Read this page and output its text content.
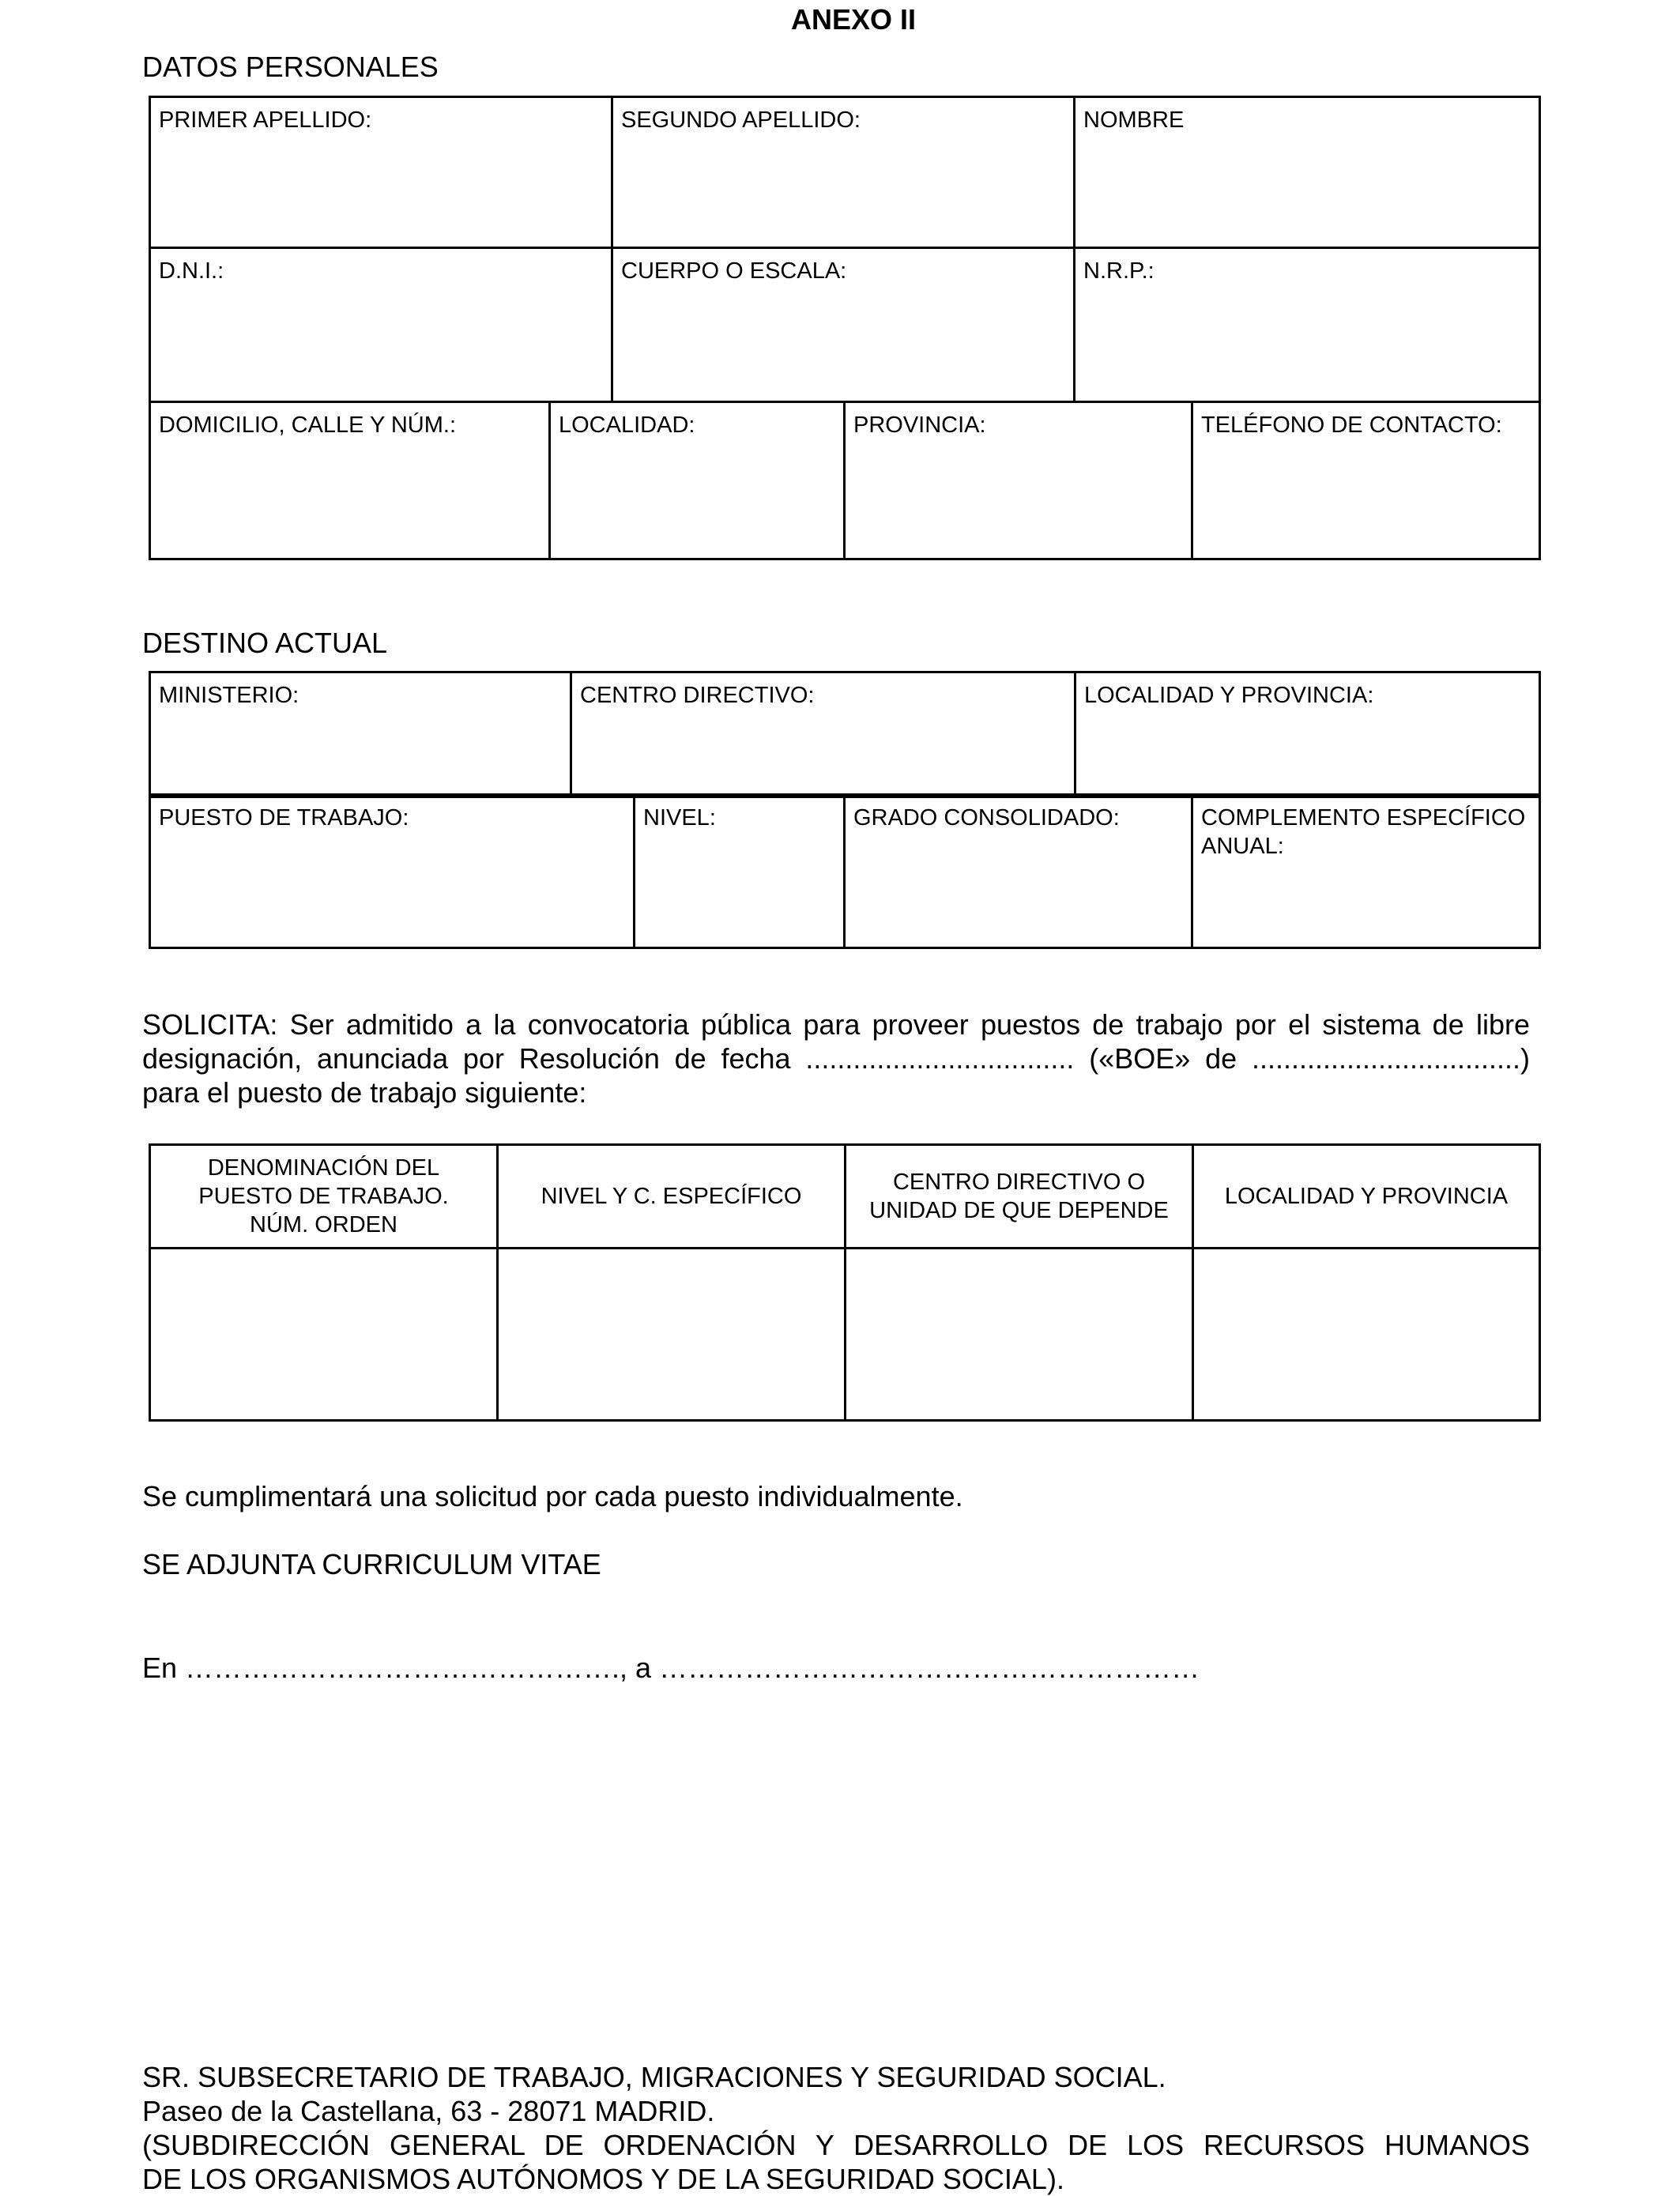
ANEXO II
DATOS PERSONALES
PRIMER APELLIDO:	SEGUNDO APELLIDO:	NOMBRE
D.N.I.:	CUERPO O ESCALA:	N.R.P.:
DOMICILIO, CALLE Y NÚM.:	LOCALIDAD:	PROVINCIA:	TELÉFONO DE CONTACTO:
DESTINO ACTUAL
MINISTERIO:	CENTRO DIRECTIVO:	LOCALIDAD Y PROVINCIA:
PUESTO DE TRABAJO:	NIVEL:	GRADO CONSOLIDADO:	COMPLEMENTO ESPECÍFICO ANUAL:
SOLICITA: Ser admitido a la convocatoria pública para proveer puestos de trabajo por el sistema de libre
designación, anunciada por Resolución de fecha .................................. («BOE» de ..................................)
para el puesto de trabajo siguiente:
DENOMINACIÓN DEL PUESTO DE TRABAJO. NÚM. ORDEN	NIVEL Y C. ESPECÍFICO	CENTRO DIRECTIVO O UNIDAD DE QUE DEPENDE	LOCALIDAD Y PROVINCIA

Se cumplimentará una solicitud por cada puesto individualmente.
SE ADJUNTA CURRICULUM VITAE
En ………………………………………., a …………………………………………………
SR. SUBSECRETARIO DE TRABAJO, MIGRACIONES Y SEGURIDAD SOCIAL.
Paseo de la Castellana, 63 - 28071 MADRID.
(SUBDIRECCIÓN GENERAL DE ORDENACIÓN Y DESARROLLO DE LOS RECURSOS HUMANOS
DE LOS ORGANISMOS AUTÓNOMOS Y DE LA SEGURIDAD SOCIAL).
